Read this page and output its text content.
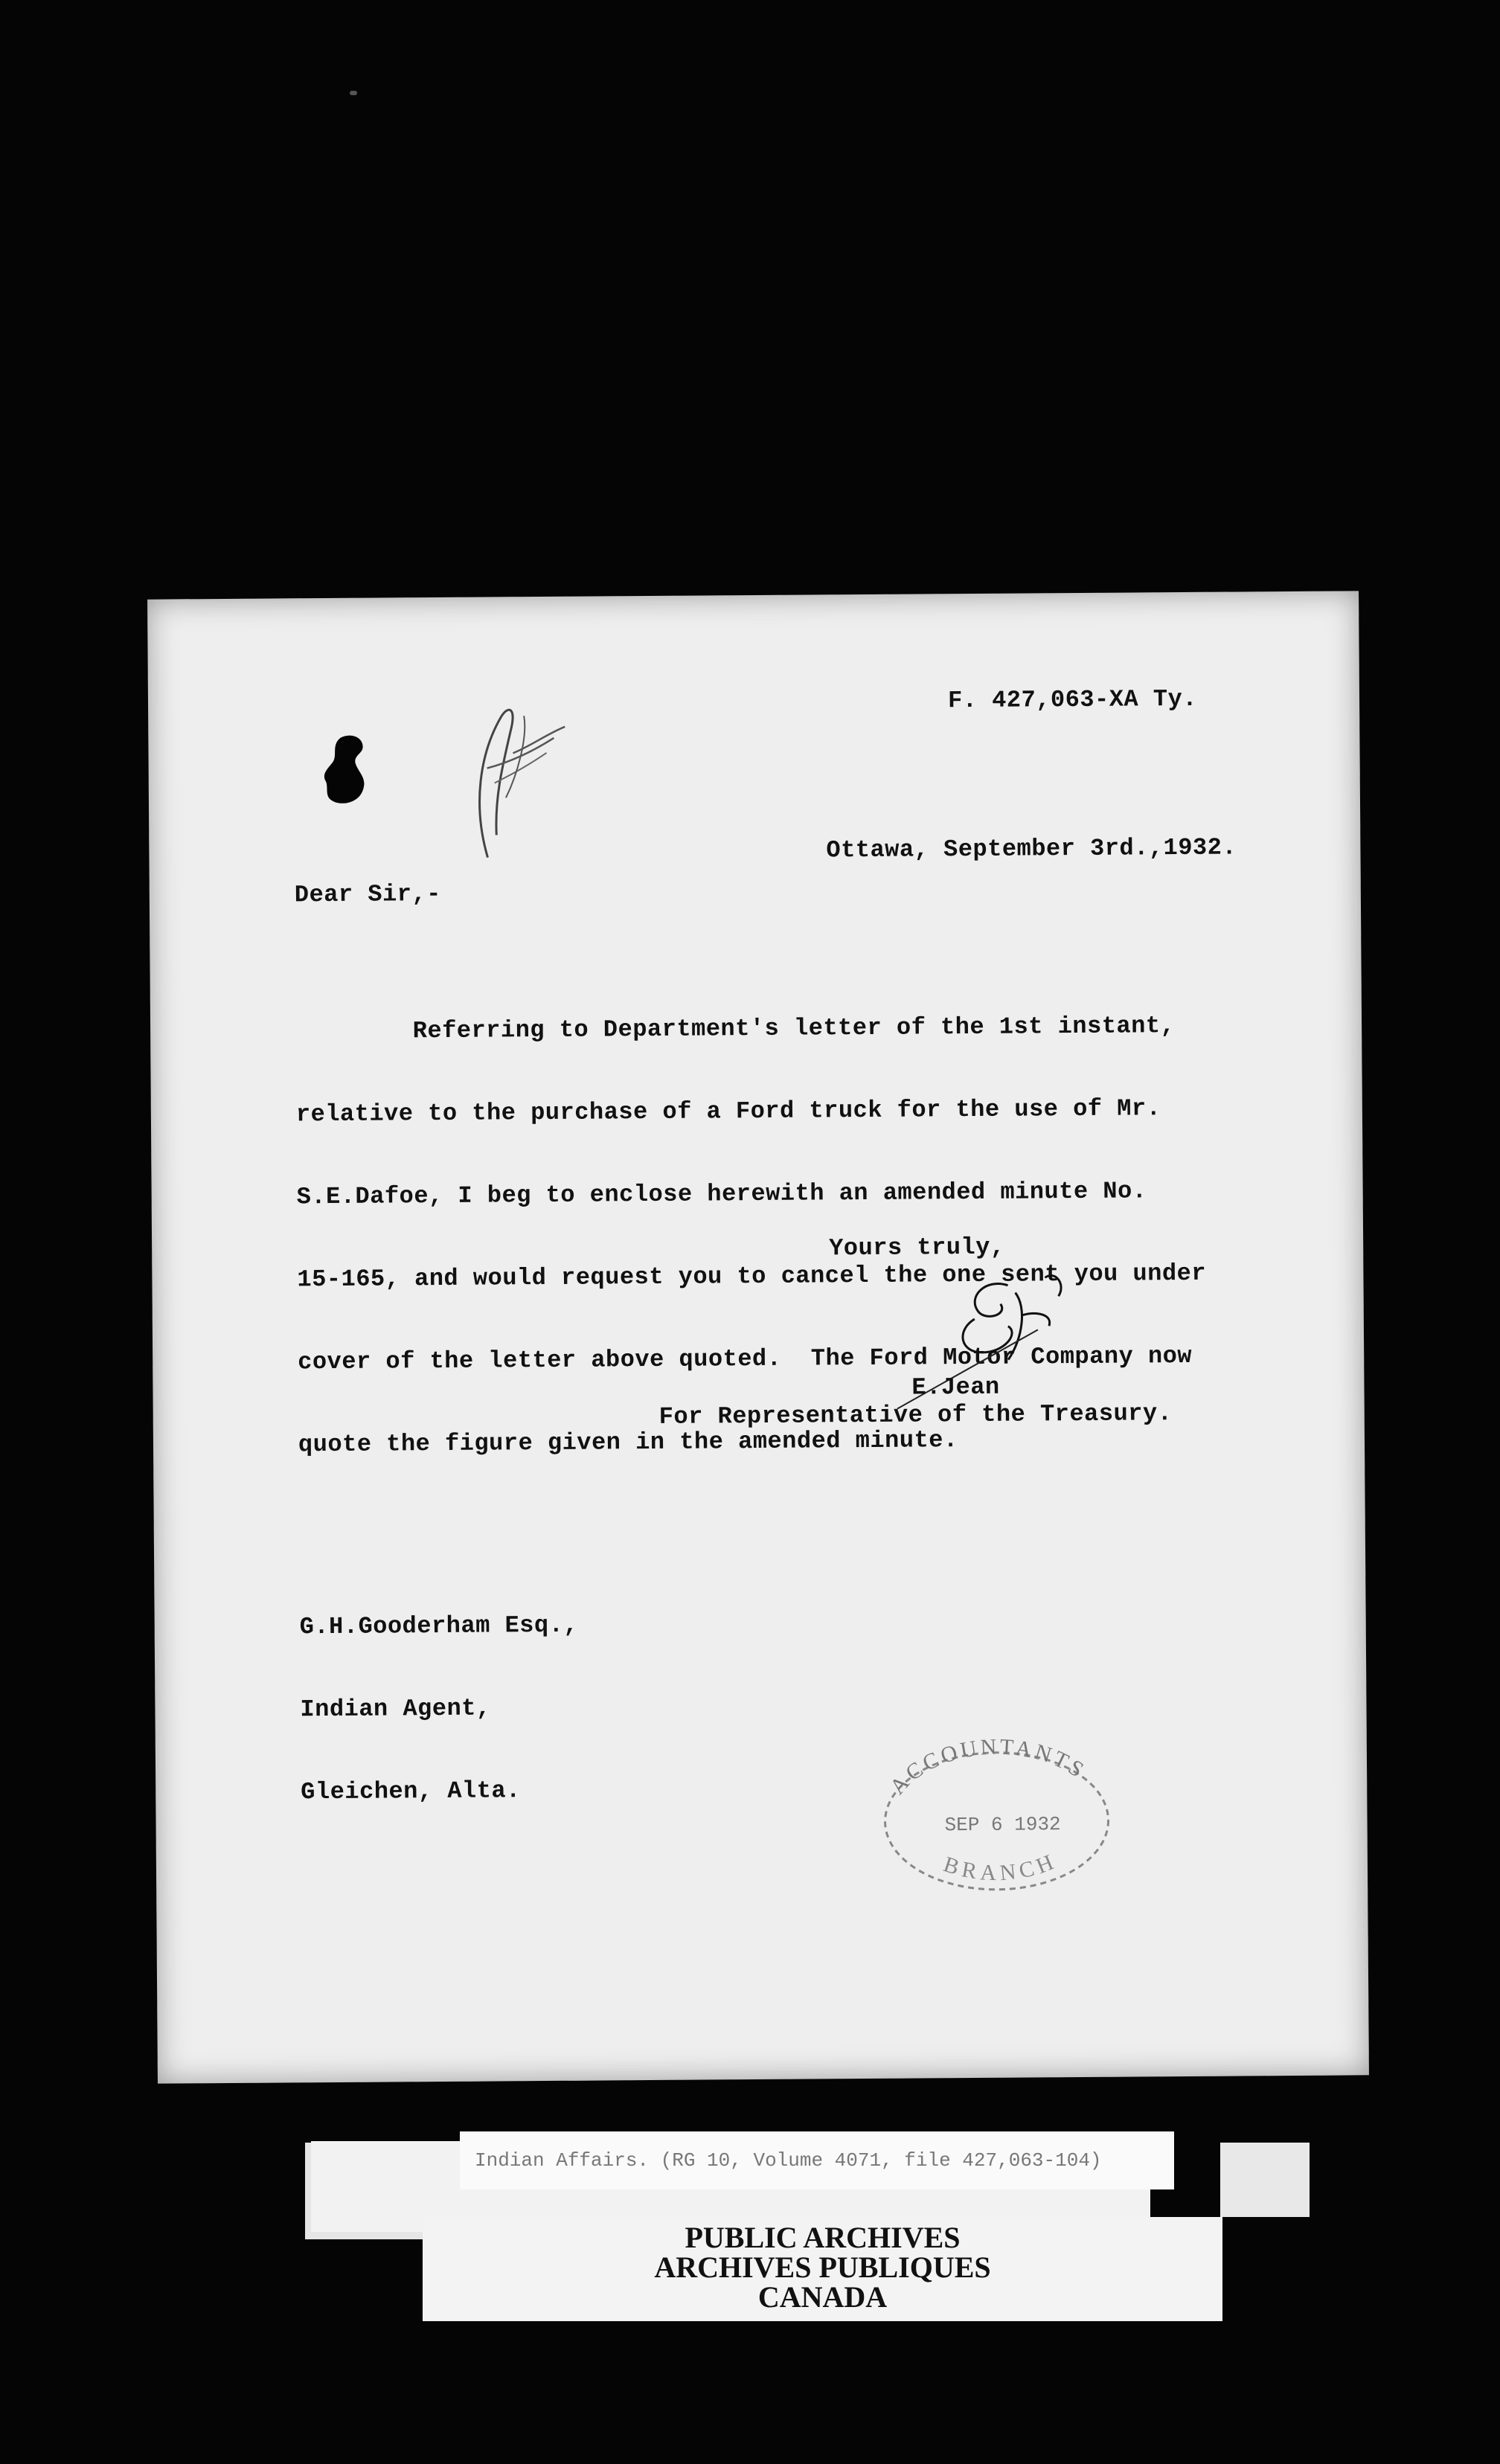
F. 427,063-XA Ty.
Ottawa, September 3rd.,1932.
Dear Sir,-

Referring to Department's letter of the 1st instant,

relative to the purchase of a Ford truck for the use of Mr.

S.E.Dafoe, I beg to enclose herewith an amended minute No.

15-165, and would request you to cancel the one sent you under

cover of the letter above quoted.  The Ford Motor Company now

quote the figure given in the amended minute.

Yours truly,
E.Jean
For Representative of the Treasury.

G.H.Gooderham Esq.,

Indian Agent,

Gleichen, Alta.

	ACCOUNTANTS
SEP 6 1932
BRANCH
Indian Affairs. (RG 10, Volume 4071, file 427,063-104)
PUBLIC ARCHIVES
ARCHIVES PUBLIQUES
CANADA
